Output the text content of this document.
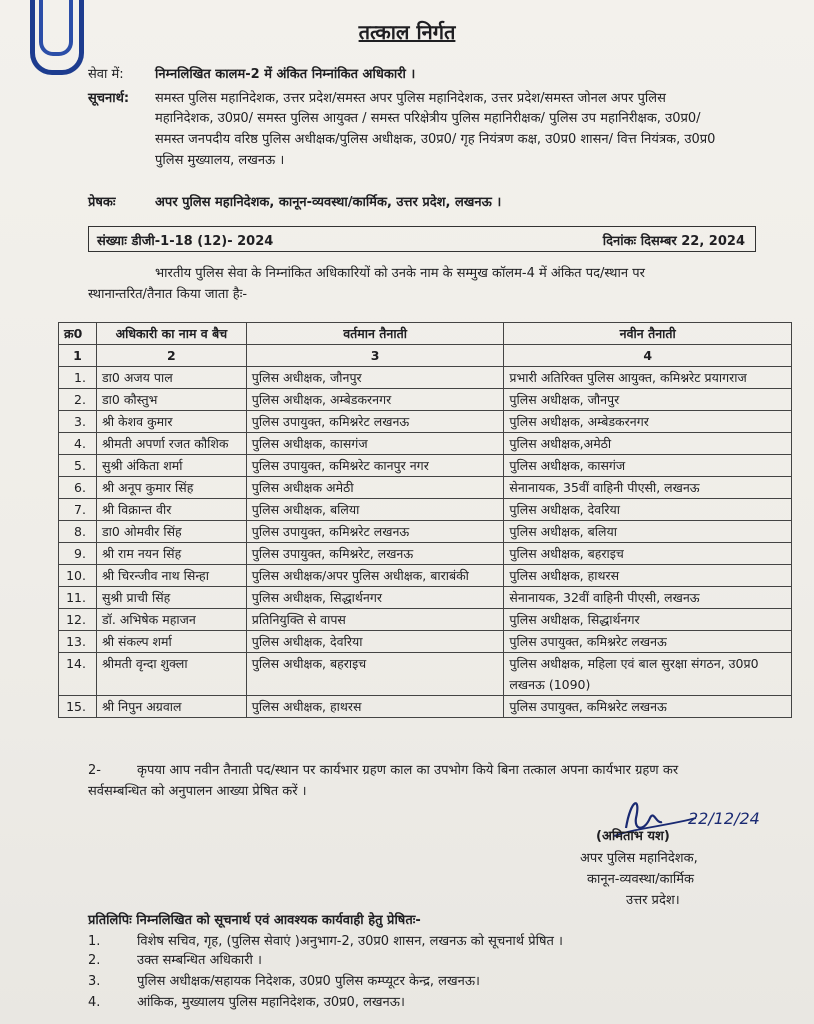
तत्काल निर्गत
सेवा में: निम्नलिखित कालम-2 में अंकित निम्नांकित अधिकारी ।
सूचनार्थ: समस्त पुलिस महानिदेशक, उत्तर प्रदेश/समस्त अपर पुलिस महानिदेशक, उत्तर प्रदेश/समस्त जोनल अपर पुलिस
महानिदेशक, उ0प्र0/ समस्त पुलिस आयुक्त / समस्त परिक्षेत्रीय पुलिस महानिरीक्षक/ पुलिस उप महानिरीक्षक, उ0प्र0/
समस्त जनपदीय वरिष्ठ पुलिस अधीक्षक/पुलिस अधीक्षक, उ0प्र0/ गृह नियंत्रण कक्ष, उ0प्र0 शासन/ वित्त नियंत्रक, उ0प्र0
पुलिस मुख्यालय, लखनऊ ।
प्रेषकः	अपर पुलिस महानिदेशक, कानून-व्यवस्था/कार्मिक, उत्तर प्रदेश, लखनऊ ।
संख्याः डीजी-1-18 (12)- 2024	दिनांकः दिसम्बर 22, 2024
भारतीय पुलिस सेवा के निम्नांकित अधिकारियों को उनके नाम के सम्मुख कॉलम-4 में अंकित पद/स्थान पर
स्थानान्तरित/तैनात किया जाता हैः-
क्र0	अधिकारी का नाम व बैच	वर्तमान तैनाती	नवीन तैनाती
1	2	3	4
1.	डा0 अजय पाल	पुलिस अधीक्षक, जौनपुर	प्रभारी अतिरिक्त पुलिस आयुक्त, कमिश्नरेट प्रयागराज
2.	डा0 कौस्तुभ	पुलिस अधीक्षक, अम्बेडकरनगर	पुलिस अधीक्षक, जौनपुर
3.	श्री केशव कुमार	पुलिस उपायुक्त, कमिश्नरेट लखनऊ	पुलिस अधीक्षक, अम्बेडकरनगर
4.	श्रीमती अपर्णा रजत कौशिक	पुलिस अधीक्षक, कासगंज	पुलिस अधीक्षक,अमेठी
5.	सुश्री अंकिता शर्मा	पुलिस उपायुक्त, कमिश्नरेट कानपुर नगर	पुलिस अधीक्षक, कासगंज
6.	श्री अनूप कुमार सिंह	पुलिस अधीक्षक अमेठी	सेनानायक, 35वीं वाहिनी पीएसी, लखनऊ
7.	श्री विक्रान्त वीर	पुलिस अधीक्षक, बलिया	पुलिस अधीक्षक, देवरिया
8.	डा0 ओमवीर सिंह	पुलिस उपायुक्त, कमिश्नरेट लखनऊ	पुलिस अधीक्षक, बलिया
9.	श्री राम नयन सिंह	पुलिस उपायुक्त, कमिश्नरेट, लखनऊ	पुलिस अधीक्षक, बहराइच
10.	श्री चिरन्जीव नाथ सिन्हा	पुलिस अधीक्षक/अपर पुलिस अधीक्षक, बाराबंकी	पुलिस अधीक्षक, हाथरस
11.	सुश्री प्राची सिंह	पुलिस अधीक्षक, सिद्धार्थनगर	सेनानायक, 32वीं वाहिनी पीएसी, लखनऊ
12.	डॉ. अभिषेक महाजन	प्रतिनियुक्ति से वापस	पुलिस अधीक्षक, सिद्धार्थनगर
13.	श्री संकल्प शर्मा	पुलिस अधीक्षक, देवरिया	पुलिस उपायुक्त, कमिश्नरेट लखनऊ
14.	श्रीमती वृन्दा शुक्ला	पुलिस अधीक्षक, बहराइच	पुलिस अधीक्षक, महिला एवं बाल सुरक्षा संगठन, उ0प्र0 लखनऊ (1090)
15.	श्री निपुन अग्रवाल	पुलिस अधीक्षक, हाथरस	पुलिस उपायुक्त, कमिश्नरेट लखनऊ
2-	कृपया आप नवीन तैनाती पद/स्थान पर कार्यभार ग्रहण काल का उपभोग किये बिना तत्काल अपना कार्यभार ग्रहण कर
सर्वसम्बन्धित को अनुपालन आख्या प्रेषित करें ।
22/12/24
(अमिताभ यश)
अपर पुलिस महानिदेशक,
कानून-व्यवस्था/कार्मिक
उत्तर प्रदेश।
प्रतिलिपिः निम्नलिखित को सूचनार्थ एवं आवश्यक कार्यवाही हेतु प्रेषितः-
1.	विशेष सचिव, गृह, (पुलिस सेवाएं )अनुभाग-2, उ0प्र0 शासन, लखनऊ को सूचनार्थ प्रेषित ।
2.	उक्त सम्बन्धित अधिकारी ।
3.	पुलिस अधीक्षक/सहायक निदेशक, उ0प्र0 पुलिस कम्प्यूटर केन्द्र, लखनऊ।
4.	आंकिक, मुख्यालय पुलिस महानिदेशक, उ0प्र0, लखनऊ।
